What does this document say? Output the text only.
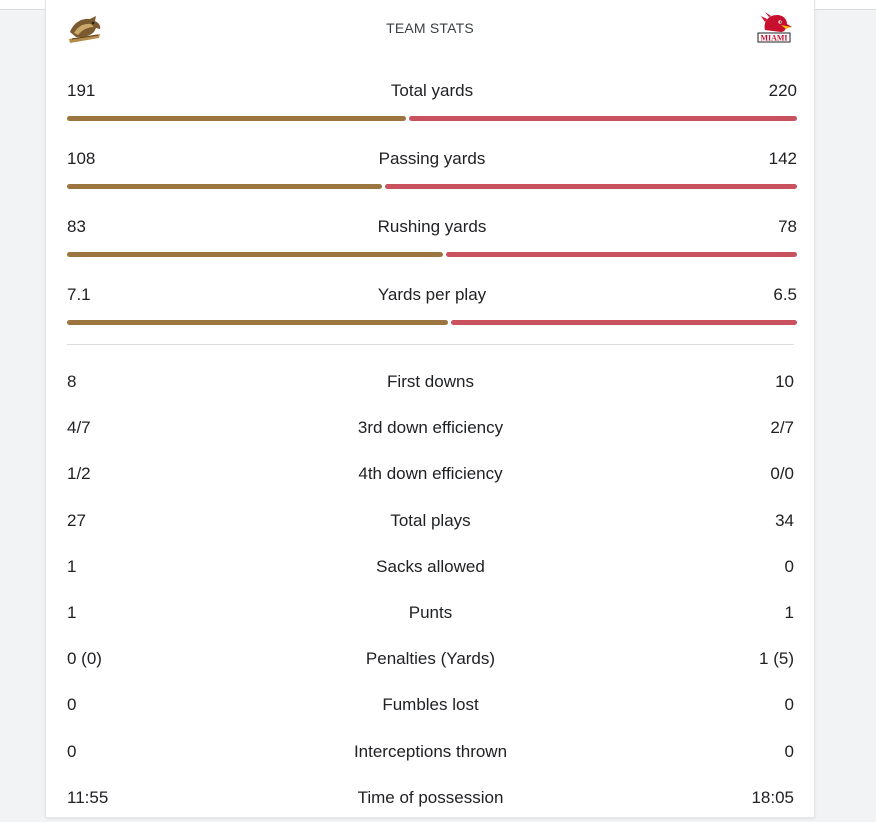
TEAM STATS
MIAMI
191	Total yards	220
108	Passing yards	142
83	Rushing yards	78
7.1	Yards per play	6.5
8	First downs	10
4/7	3rd down efficiency	2/7
1/2	4th down efficiency	0/0
27	Total plays	34
1	Sacks allowed	0
1	Punts	1
0 (0)	Penalties (Yards)	1 (5)
0	Fumbles lost	0
0	Interceptions thrown	0
11:55	Time of possession	18:05
